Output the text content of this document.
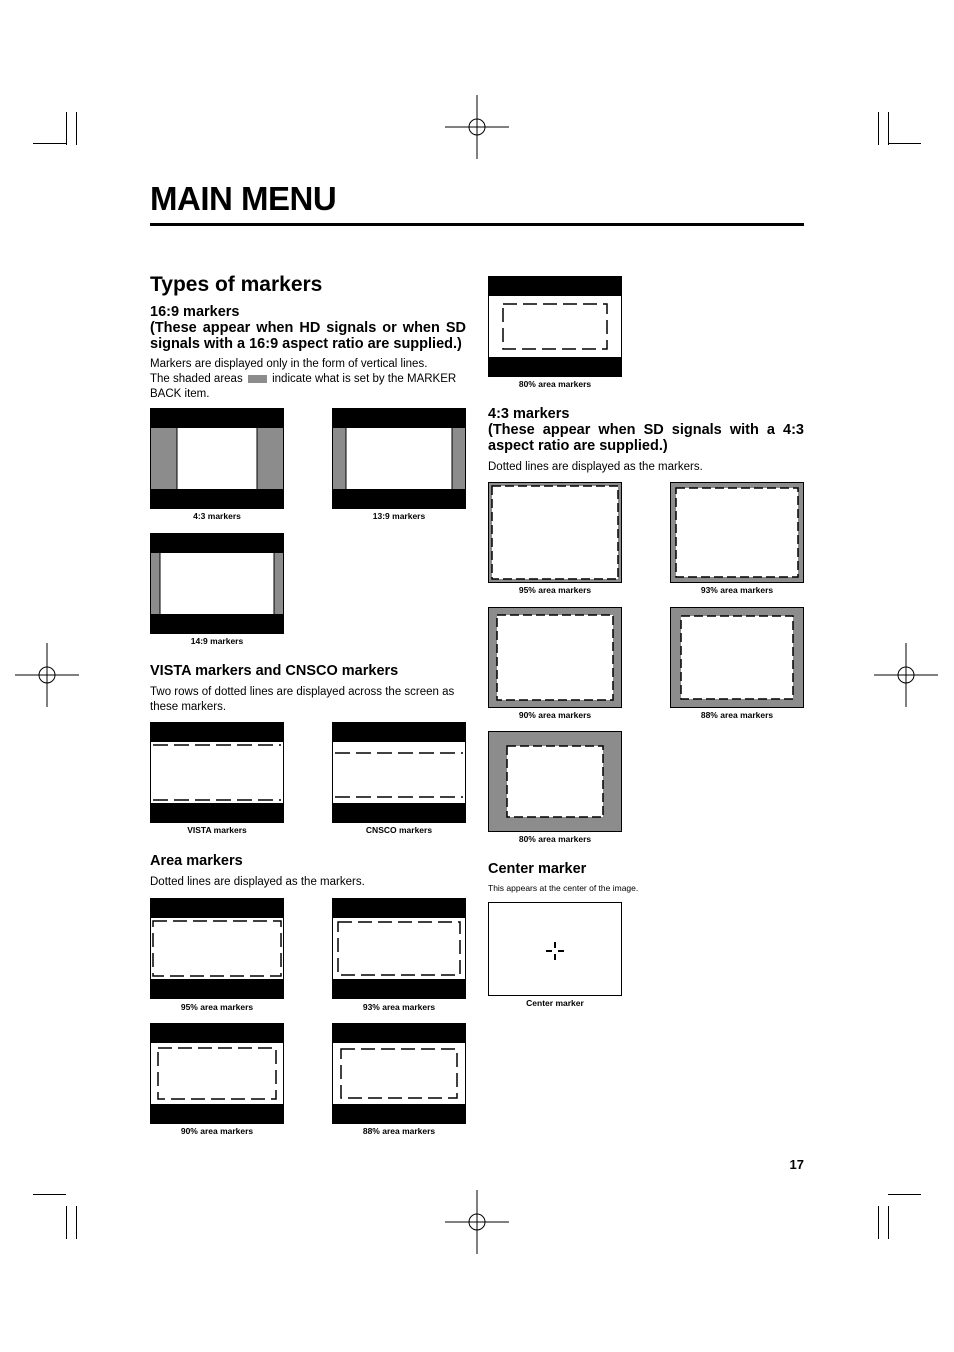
MAIN MENU
Types of markers
16:9 markers
(These appear when HD signals or when SD
signals with a 16:9 aspect ratio are supplied.)
Markers are displayed only in the form of vertical lines.
The shaded areas	indicate what is set by the MARKER
BACK item.
4:3 markers	13:9 markers
14:9 markers
VISTA markers and CNSCO markers
Two rows of dotted lines are displayed across the screen as these markers.
VISTA markers	CNSCO markers
Area markers
Dotted lines are displayed as the markers.
95% area markers	93% area markers
90% area markers	88% area markers
80% area markers
4:3 markers
(These appear when SD signals with a 4:3
aspect ratio are supplied.)
Dotted lines are displayed as the markers.
95% area markers	93% area markers
90% area markers	88% area markers
80% area markers
Center marker
This appears at the center of the image.
Center marker
17
